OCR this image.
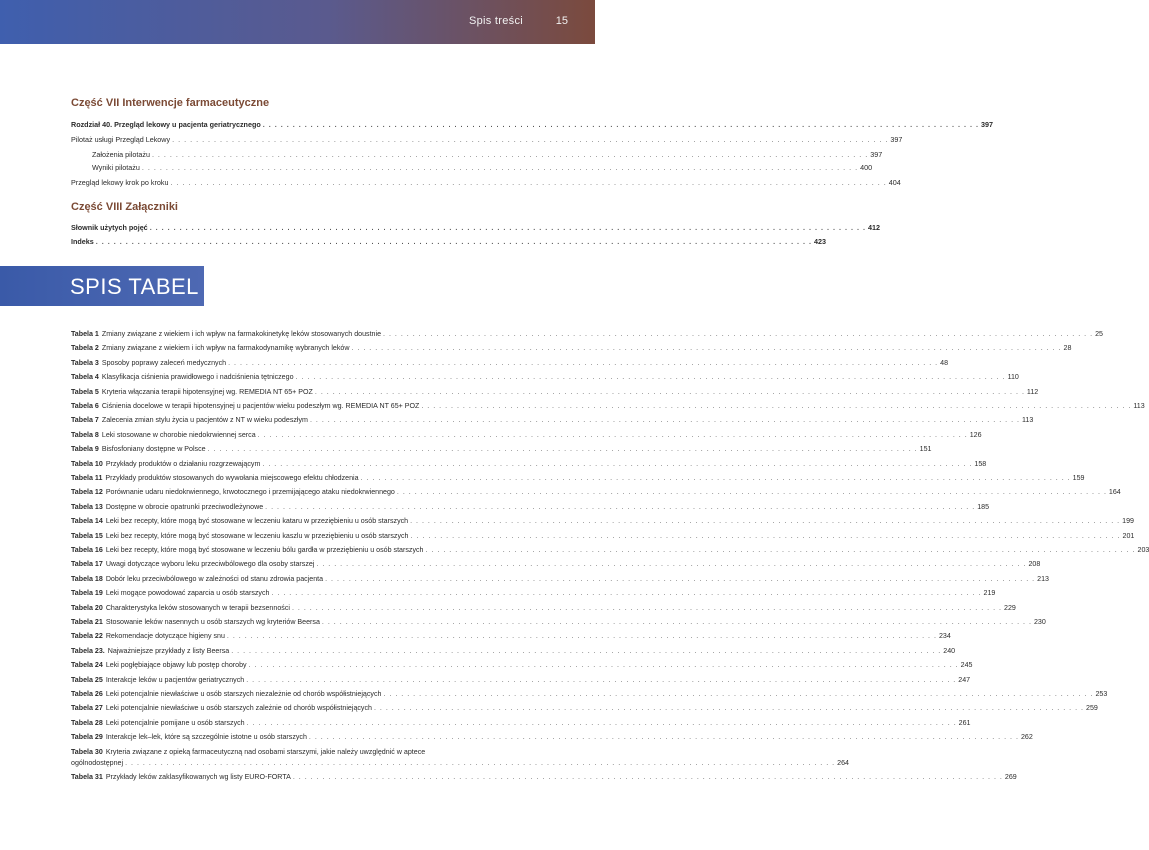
Spis treści	15
Część VII Interwencje farmaceutyczne
Rozdział 40. Przegląd lekowy u pacjenta geriatrycznego . . . . . . . . . . . . . . . . . . . . . . . . . . . . . . . . . . . . . . . . . . . . . . . . . . . . . . . . . . . . . . . . . . . . . . . . . . . . . . . . . . . . . . . . . . . . . . . . . . . . . . . . . . . . . . . . . . . . . . . . 397
Pilotaż usługi Przegląd Lekowy . . . . . . . . . . . . . . . . . . . . . . . . . . . . . . . . . . . . . . . . . . . . . . . . . . . . . . . . . . . . . . . . . . . . . . . . . . . . . . . . . . . . . . . . . . . . . . . . . . . . . . . . . . . . . . . . . . . . . . . . 397
Założenia pilotażu . . . . . . . . . . . . . . . . . . . . . . . . . . . . . . . . . . . . . . . . . . . . . . . . . . . . . . . . . . . . . . . . . . . . . . . . . . . . . . . . . . . . . . . . . . . . . . . . . . . . . . . . . . . . . . . . . . . . . . . . 397
Wyniki pilotażu . . . . . . . . . . . . . . . . . . . . . . . . . . . . . . . . . . . . . . . . . . . . . . . . . . . . . . . . . . . . . . . . . . . . . . . . . . . . . . . . . . . . . . . . . . . . . . . . . . . . . . . . . . . . . . . . . . . . . . . . 400
Przegląd lekowy krok po kroku . . . . . . . . . . . . . . . . . . . . . . . . . . . . . . . . . . . . . . . . . . . . . . . . . . . . . . . . . . . . . . . . . . . . . . . . . . . . . . . . . . . . . . . . . . . . . . . . . . . . . . . . . . . . . . . . . . . . . . . . 404
Część VIII Załączniki
Słownik użytych pojęć . . . . . . . . . . . . . . . . . . . . . . . . . . . . . . . . . . . . . . . . . . . . . . . . . . . . . . . . . . . . . . . . . . . . . . . . . . . . . . . . . . . . . . . . . . . . . . . . . . . . . . . . . . . . . . . . . . . . . . . . 412
Indeks . . . . . . . . . . . . . . . . . . . . . . . . . . . . . . . . . . . . . . . . . . . . . . . . . . . . . . . . . . . . . . . . . . . . . . . . . . . . . . . . . . . . . . . . . . . . . . . . . . . . . . . . . . . . . . . . . . . . . . . . 423
SPIS TABEL
Tabela 1 Zmiany związane z wiekiem i ich wpływ na farmakokinetykę leków stosowanych doustnie . . . . . . . . . . . . . . . . . . . . . . . . . . . . . . . . . . . . . . . . . . . . . . . . . . . . . . . . . . . . . . . . . . . . . . . . . . . . . . . . . . . . . . . . . . . . . . . . . . . . . . . . . . . . . . . . . . . . . . . . 25
Tabela 2 Zmiany związane z wiekiem i ich wpływ na farmakodynamikę wybranych leków . . . . . . . . . . . . . . . . . . . . . . . . . . . . . . . . . . . . . . . . . . . . . . . . . . . . . . . . . . . . . . . . . . . . . . . . . . . . . . . . . . . . . . . . . . . . . . . . . . . . . . . . . . . . . . . . . . . . . . . . 28
Tabela 3 Sposoby poprawy zaleceń medycznych . . . . . . . . . . . . . . . . . . . . . . . . . . . . . . . . . . . . . . . . . . . . . . . . . . . . . . . . . . . . . . . . . . . . . . . . . . . . . . . . . . . . . . . . . . . . . . . . . . . . . . . . . . . . . . . . . . . . . . . . 48
Tabela 4 Klasyfikacja ciśnienia prawidłowego i nadciśnienia tętniczego . . . . . . . . . . . . . . . . . . . . . . . . . . . . . . . . . . . . . . . . . . . . . . . . . . . . . . . . . . . . . . . . . . . . . . . . . . . . . . . . . . . . . . . . . . . . . . . . . . . . . . . . . . . . . . . . . . . . . . . . 110
Tabela 5 Kryteria włączania terapii hipotensyjnej wg. REMEDIA NT 65+ POZ . . . . . . . . . . . . . . . . . . . . . . . . . . . . . . . . . . . . . . . . . . . . . . . . . . . . . . . . . . . . . . . . . . . . . . . . . . . . . . . . . . . . . . . . . . . . . . . . . . . . . . . . . . . . . . . . . . . . . . . . 112
Tabela 6 Ciśnienia docelowe w terapii hipotensyjnej u pacjentów wieku podeszłym wg. REMEDIA NT 65+ POZ . . . . . . . . . . . . . . . . . . . . . . . . . . . . . . . . . . . . . . . . . . . . . . . . . . . . . . . . . . . . . . . . . . . . . . . . . . . . . . . . . . . . . . . . . . . . . . . . . . . . . . . . . . . . . . . . . . . . . . . . 113
Tabela 7 Zalecenia zmian stylu życia u pacjentów z NT w wieku podeszłym . . . . . . . . . . . . . . . . . . . . . . . . . . . . . . . . . . . . . . . . . . . . . . . . . . . . . . . . . . . . . . . . . . . . . . . . . . . . . . . . . . . . . . . . . . . . . . . . . . . . . . . . . . . . . . . . . . . . . . . . 113
Tabela 8 Leki stosowane w chorobie niedokrwiennej serca . . . . . . . . . . . . . . . . . . . . . . . . . . . . . . . . . . . . . . . . . . . . . . . . . . . . . . . . . . . . . . . . . . . . . . . . . . . . . . . . . . . . . . . . . . . . . . . . . . . . . . . . . . . . . . . . . . . . . . . . 126
Tabela 9 Bisfosfoniany dostępne w Polsce . . . . . . . . . . . . . . . . . . . . . . . . . . . . . . . . . . . . . . . . . . . . . . . . . . . . . . . . . . . . . . . . . . . . . . . . . . . . . . . . . . . . . . . . . . . . . . . . . . . . . . . . . . . . . . . . . . . . . . . . 151
Tabela 10 Przykłady produktów o działaniu rozgrzewającym . . . . . . . . . . . . . . . . . . . . . . . . . . . . . . . . . . . . . . . . . . . . . . . . . . . . . . . . . . . . . . . . . . . . . . . . . . . . . . . . . . . . . . . . . . . . . . . . . . . . . . . . . . . . . . . . . . . . . . . . 158
Tabela 11 Przykłady produktów stosowanych do wywołania miejscowego efektu chłodzenia . . . . . . . . . . . . . . . . . . . . . . . . . . . . . . . . . . . . . . . . . . . . . . . . . . . . . . . . . . . . . . . . . . . . . . . . . . . . . . . . . . . . . . . . . . . . . . . . . . . . . . . . . . . . . . . . . . . . . . . . 159
Tabela 12 Porównanie udaru niedokrwiennego, krwotocznego i przemijającego ataku niedokrwiennego . . . . . . . . . . . . . . . . . . . . . . . . . . . . . . . . . . . . . . . . . . . . . . . . . . . . . . . . . . . . . . . . . . . . . . . . . . . . . . . . . . . . . . . . . . . . . . . . . . . . . . . . . . . . . . . . . . . . . . . . 164
Tabela 13 Dostępne w obrocie opatrunki przeciwodleżynowe . . . . . . . . . . . . . . . . . . . . . . . . . . . . . . . . . . . . . . . . . . . . . . . . . . . . . . . . . . . . . . . . . . . . . . . . . . . . . . . . . . . . . . . . . . . . . . . . . . . . . . . . . . . . . . . . . . . . . . . . 185
Tabela 14 Leki bez recepty, które mogą być stosowane w leczeniu kataru w przeziębieniu u osób starszych . . . . . . . . . . . . . . . . . . . . . . . . . . . . . . . . . . . . . . . . . . . . . . . . . . . . . . . . . . . . . . . . . . . . . . . . . . . . . . . . . . . . . . . . . . . . . . . . . . . . . . . . . . . . . . . . . . . . . . . . 199
Tabela 15 Leki bez recepty, które mogą być stosowane w leczeniu kaszlu w przeziębieniu u osób starszych . . . . . . . . . . . . . . . . . . . . . . . . . . . . . . . . . . . . . . . . . . . . . . . . . . . . . . . . . . . . . . . . . . . . . . . . . . . . . . . . . . . . . . . . . . . . . . . . . . . . . . . . . . . . . . . . . . . . . . . . 201
Tabela 16 Leki bez recepty, które mogą być stosowane w leczeniu bólu gardła w przeziębieniu u osób starszych . . . . . . . . . . . . . . . . . . . . . . . . . . . . . . . . . . . . . . . . . . . . . . . . . . . . . . . . . . . . . . . . . . . . . . . . . . . . . . . . . . . . . . . . . . . . . . . . . . . . . . . . . . . . . . . . . . . . . . . . 203
Tabela 17 Uwagi dotyczące wyboru leku przeciwbólowego dla osoby starszej . . . . . . . . . . . . . . . . . . . . . . . . . . . . . . . . . . . . . . . . . . . . . . . . . . . . . . . . . . . . . . . . . . . . . . . . . . . . . . . . . . . . . . . . . . . . . . . . . . . . . . . . . . . . . . . . . . . . . . . . 208
Tabela 18 Dobór leku przeciwbólowego w zależności od stanu zdrowia pacjenta . . . . . . . . . . . . . . . . . . . . . . . . . . . . . . . . . . . . . . . . . . . . . . . . . . . . . . . . . . . . . . . . . . . . . . . . . . . . . . . . . . . . . . . . . . . . . . . . . . . . . . . . . . . . . . . . . . . . . . . . 213
Tabela 19 Leki mogące powodować zaparcia u osób starszych . . . . . . . . . . . . . . . . . . . . . . . . . . . . . . . . . . . . . . . . . . . . . . . . . . . . . . . . . . . . . . . . . . . . . . . . . . . . . . . . . . . . . . . . . . . . . . . . . . . . . . . . . . . . . . . . . . . . . . . . 219
Tabela 20 Charakterystyka leków stosowanych w terapii bezsenności . . . . . . . . . . . . . . . . . . . . . . . . . . . . . . . . . . . . . . . . . . . . . . . . . . . . . . . . . . . . . . . . . . . . . . . . . . . . . . . . . . . . . . . . . . . . . . . . . . . . . . . . . . . . . . . . . . . . . . . . 229
Tabela 21 Stosowanie leków nasennych u osób starszych wg kryteriów Beersa . . . . . . . . . . . . . . . . . . . . . . . . . . . . . . . . . . . . . . . . . . . . . . . . . . . . . . . . . . . . . . . . . . . . . . . . . . . . . . . . . . . . . . . . . . . . . . . . . . . . . . . . . . . . . . . . . . . . . . . . 230
Tabela 22 Rekomendacje dotyczące higieny snu . . . . . . . . . . . . . . . . . . . . . . . . . . . . . . . . . . . . . . . . . . . . . . . . . . . . . . . . . . . . . . . . . . . . . . . . . . . . . . . . . . . . . . . . . . . . . . . . . . . . . . . . . . . . . . . . . . . . . . . . 234
Tabela 23. Najważniejsze przykłady z listy Beersa . . . . . . . . . . . . . . . . . . . . . . . . . . . . . . . . . . . . . . . . . . . . . . . . . . . . . . . . . . . . . . . . . . . . . . . . . . . . . . . . . . . . . . . . . . . . . . . . . . . . . . . . . . . . . . . . . . . . . . . . 240
Tabela 24 Leki pogłębiające objawy lub postęp choroby . . . . . . . . . . . . . . . . . . . . . . . . . . . . . . . . . . . . . . . . . . . . . . . . . . . . . . . . . . . . . . . . . . . . . . . . . . . . . . . . . . . . . . . . . . . . . . . . . . . . . . . . . . . . . . . . . . . . . . . . 245
Tabela 25 Interakcje leków u pacjentów geriatrycznych . . . . . . . . . . . . . . . . . . . . . . . . . . . . . . . . . . . . . . . . . . . . . . . . . . . . . . . . . . . . . . . . . . . . . . . . . . . . . . . . . . . . . . . . . . . . . . . . . . . . . . . . . . . . . . . . . . . . . . . . 247
Tabela 26 Leki potencjalnie niewłaściwe u osób starszych niezależnie od chorób współistniejących . . . . . . . . . . . . . . . . . . . . . . . . . . . . . . . . . . . . . . . . . . . . . . . . . . . . . . . . . . . . . . . . . . . . . . . . . . . . . . . . . . . . . . . . . . . . . . . . . . . . . . . . . . . . . . . . . . . . . . . . 253
Tabela 27 Leki potencjalnie niewłaściwe u osób starszych zależnie od chorób współistniejących . . . . . . . . . . . . . . . . . . . . . . . . . . . . . . . . . . . . . . . . . . . . . . . . . . . . . . . . . . . . . . . . . . . . . . . . . . . . . . . . . . . . . . . . . . . . . . . . . . . . . . . . . . . . . . . . . . . . . . . . 259
Tabela 28 Leki potencjalnie pomijane u osób starszych . . . . . . . . . . . . . . . . . . . . . . . . . . . . . . . . . . . . . . . . . . . . . . . . . . . . . . . . . . . . . . . . . . . . . . . . . . . . . . . . . . . . . . . . . . . . . . . . . . . . . . . . . . . . . . . . . . . . . . . . 261
Tabela 29 Interakcje lek–lek, które są szczególnie istotne u osób starszych . . . . . . . . . . . . . . . . . . . . . . . . . . . . . . . . . . . . . . . . . . . . . . . . . . . . . . . . . . . . . . . . . . . . . . . . . . . . . . . . . . . . . . . . . . . . . . . . . . . . . . . . . . . . . . . . . . . . . . . . 262
Tabela 30 Kryteria związane z opieką farmaceutyczną nad osobami starszymi, jakie należy uwzględnić w aptece
ogólnodostępnej . . . . . . . . . . . . . . . . . . . . . . . . . . . . . . . . . . . . . . . . . . . . . . . . . . . . . . . . . . . . . . . . . . . . . . . . . . . . . . . . . . . . . . . . . . . . . . . . . . . . . . . . . . . . . . . . . . . . . . . . 264
Tabela 31 Przykłady leków zaklasyfikowanych wg listy EURO-FORTA . . . . . . . . . . . . . . . . . . . . . . . . . . . . . . . . . . . . . . . . . . . . . . . . . . . . . . . . . . . . . . . . . . . . . . . . . . . . . . . . . . . . . . . . . . . . . . . . . . . . . . . . . . . . . . . . . . . . . . . . 269
